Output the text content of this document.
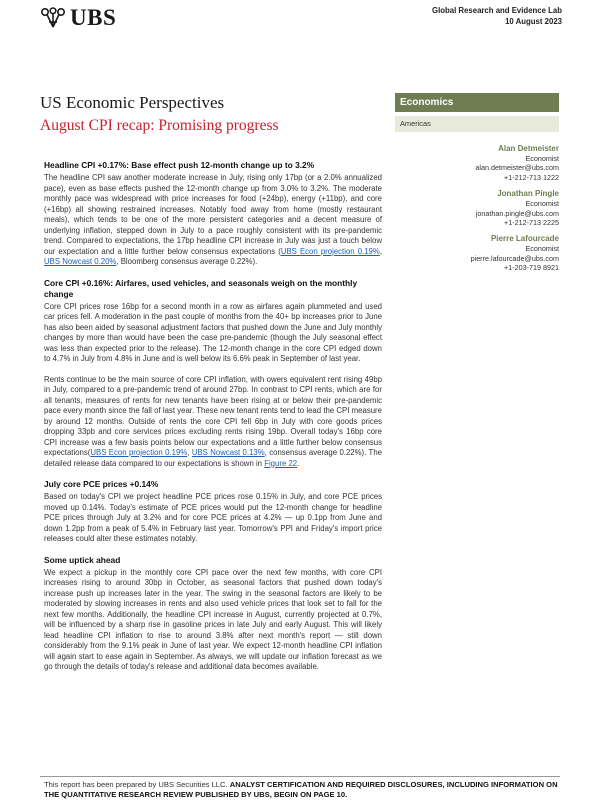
UBS	Global Research and Evidence Lab
10 August 2023
US Economic Perspectives
August CPI recap: Promising progress
Economics
Americas
Alan Detmeister
Economist
alan.detmeister@ubs.com
+1-212-713 1222
Jonathan Pingle
Economist
jonathan.pingle@ubs.com
+1-212-713 2225
Pierre Lafourcade
Economist
pierre.lafourcade@ubs.com
+1-203-719 8921
Headline CPI +0.17%: Base effect push 12-month change up to 3.2%

The headline CPI saw another moderate increase in July, rising only 17bp (or a 2.0% annualized pace), even as base effects pushed the 12-month change up from 3.0% to 3.2%. The moderate monthly pace was widespread with price increases for food (+24bp), energy (+11bp), and core (+16bp) all showing restrained increases. Notably food away from home (mostly restaurant meals), which tends to be one of the more persistent categories and a decent measure of underlying inflation, stepped down in July to a pace roughly consistent with its pre-pandemic trend. Compared to expectations, the 17bp headline CPI increase in July was just a touch below our expectation and a little further below consensus expectations (UBS Econ projection 0.19%, UBS Nowcast 0.20%, Bloomberg consensus average 0.22%).

Core CPI +0.16%: Airfares, used vehicles, and seasonals weigh on the monthly change

Core CPI prices rose 16bp for a second month in a row as airfares again plummeted and used car prices fell. A moderation in the past couple of months from the 40+ bp increases prior to June has also been aided by seasonal adjustment factors that pushed down the June and July monthly changes by more than would have been the case pre-pandemic (though the July seasonal effect was less than expected prior to the release). The 12-month change in the core CPI edged down to 4.7% in July from 4.8% in June and is well below its 6.6% peak in September of last year.

Rents continue to be the main source of core CPI inflation, with owers equivalent rent rising 49bp in July, compared to a pre-pandemic trend of around 27bp. In contrast to CPI rents, which are for all tenants, measures of rents for new tenants have been rising at or below their pre-pandemic pace every month since the fall of last year. These new tenant rents tend to lead the CPI measure by around 12 months. Outside of rents the core CPI fell 6bp in July with core goods prices dropping 33pb and core services prices excluding rents rising 19bp. Overall today's 16bp core CPI increase was a few basis points below our expectations and a little further below consensus expectations(UBS Econ projection 0.19%, UBS Nowcast 0.13%, consensus average 0.22%). The detailed release data compared to our expectations is shown in Figure 22.

July core PCE prices +0.14%

Based on today's CPI we project headline PCE prices rose 0.15% in July, and core PCE prices moved up 0.14%. Today's estimate of PCE prices would put the 12-month change for headline PCE prices through July at 3.2% and for core PCE prices at 4.2% — up 0.1pp from June and down 1.2pp from a peak of 5.4% in February last year. Tomorrow's PPI and Friday's import price releases could alter these estimates notably.

Some uptick ahead

We expect a pickup in the monthly core CPI pace over the next few months, with core CPI increases rising to around 30bp in October, as seasonal factors that pushed down today's increase push up increases later in the year. The swing in the seasonal factors are likely to be moderated by slowing increases in rents and also used vehicle prices that look set to fall for the next few months. Additionally, the headline CPI increase in August, currently projected at 0.7%, will be influenced by a sharp rise in gasoline prices in late July and early August. This will likely lead headline CPI inflation to rise to around 3.8% after next month's report — still down considerably from the 9.1% peak in June of last year. We expect 12-month headline CPI inflation will again start to ease again in September. As always, we will update our inflation forecast as we go through the details of today's release and additional data becomes available.

This report has been prepared by UBS Securities LLC. ANALYST CERTIFICATION AND REQUIRED DISCLOSURES, INCLUDING INFORMATION ON THE QUANTITATIVE RESEARCH REVIEW PUBLISHED BY UBS, BEGIN ON PAGE 10.
